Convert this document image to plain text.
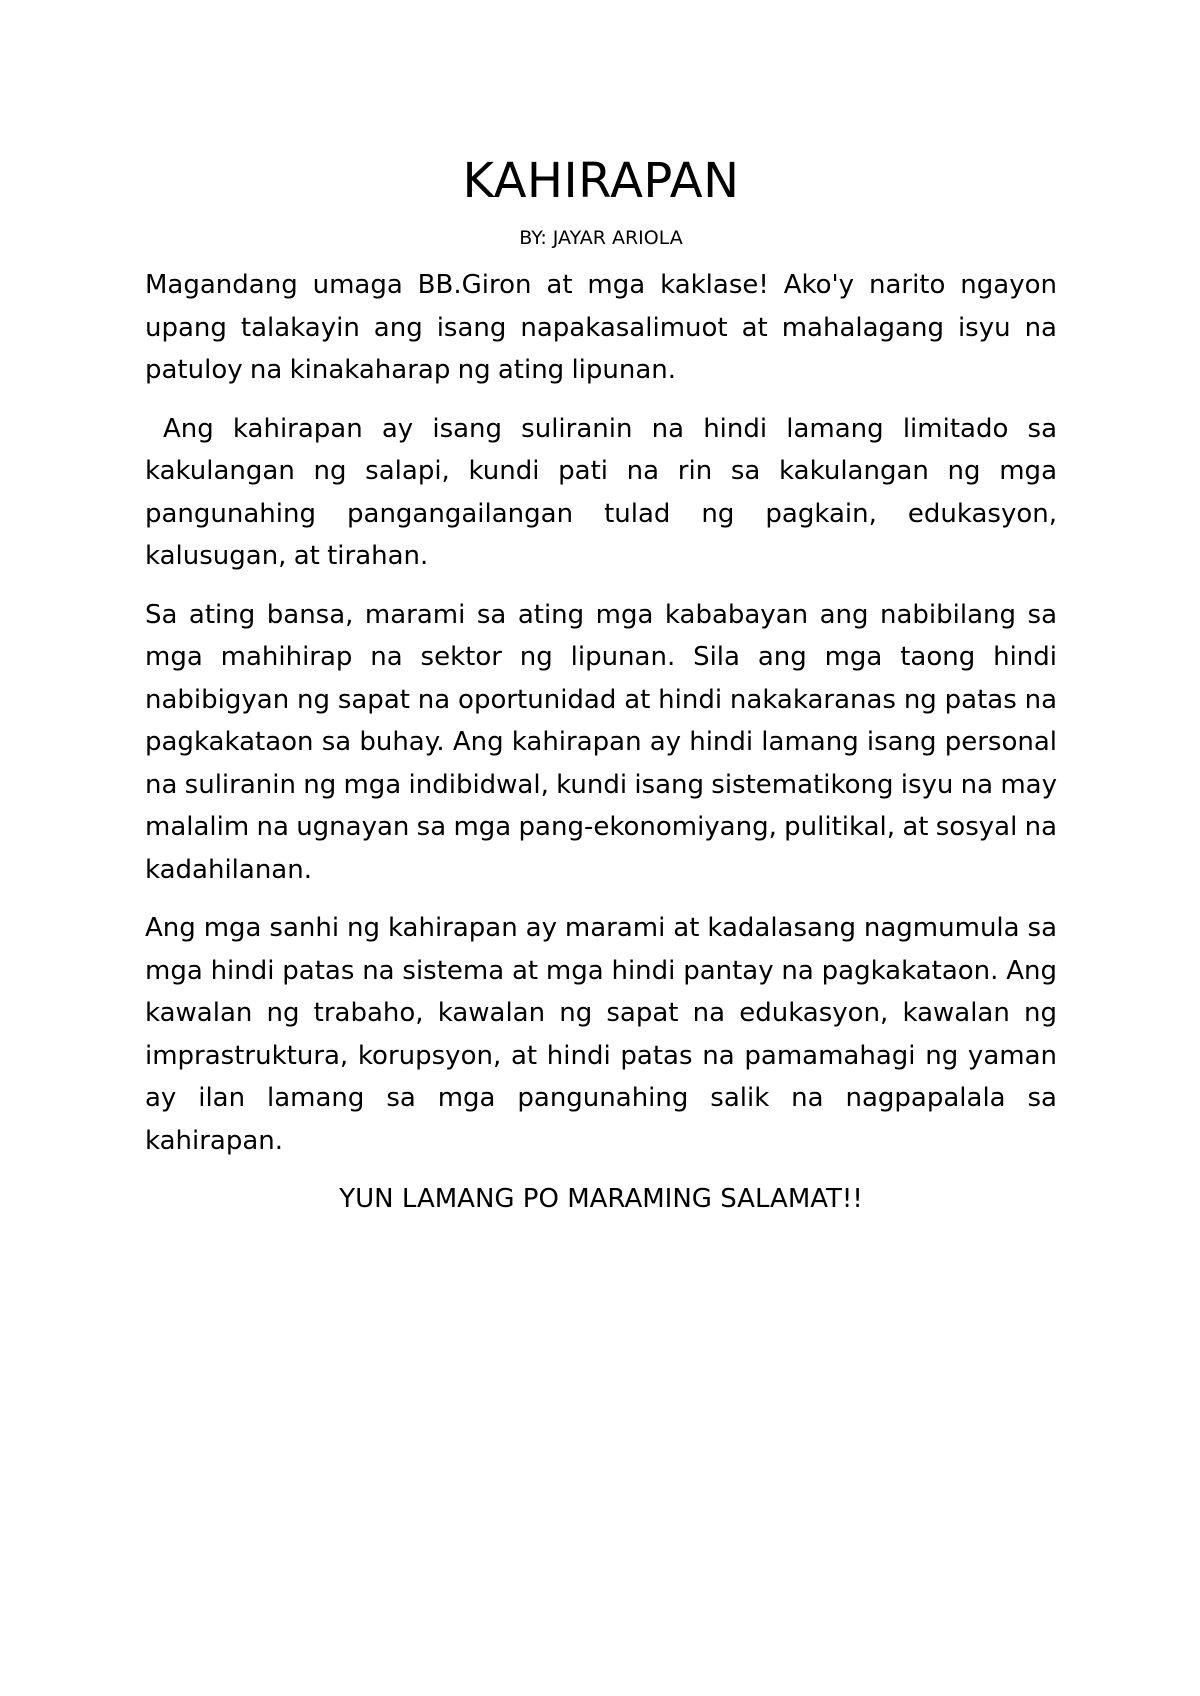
KAHIRAPAN
BY: JAYAR ARIOLA

Magandang umaga BB.Giron at mga kaklase! Ako'y narito ngayon upang talakayin ang isang napakasalimuot at mahalagang isyu na patuloy na kinakaharap ng ating lipunan.

Ang kahirapan ay isang suliranin na hindi lamang limitado sa kakulangan ng salapi, kundi pati na rin sa kakulangan ng mga pangunahing pangangailangan tulad ng pagkain, edukasyon, kalusugan, at tirahan.

Sa ating bansa, marami sa ating mga kababayan ang nabibilang sa mga mahihirap na sektor ng lipunan. Sila ang mga taong hindi nabibigyan ng sapat na oportunidad at hindi nakakaranas ng patas na pagkakataon sa buhay. Ang kahirapan ay hindi lamang isang personal na suliranin ng mga indibidwal, kundi isang sistematikong isyu na may malalim na ugnayan sa mga pang-ekonomiyang, pulitikal, at sosyal na kadahilanan.

Ang mga sanhi ng kahirapan ay marami at kadalasang nagmumula sa mga hindi patas na sistema at mga hindi pantay na pagkakataon. Ang kawalan ng trabaho, kawalan ng sapat na edukasyon, kawalan ng imprastruktura, korupsyon, at hindi patas na pamamahagi ng yaman ay ilan lamang sa mga pangunahing salik na nagpapalala sa kahirapan.

YUN LAMANG PO MARAMING SALAMAT!!
